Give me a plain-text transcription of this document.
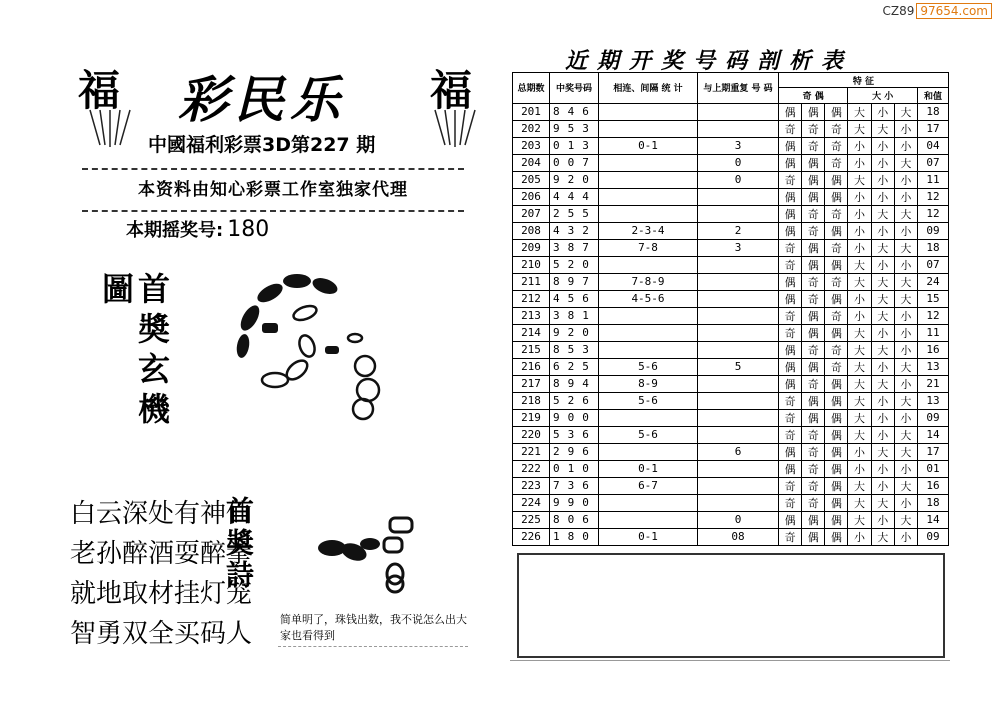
CZ89 97654.com
福	福
彩民乐
中國福利彩票3D第227 期
本资料由知心彩票工作室独家代理
本期摇奖号: 180
首奬玄機圖
白云深处有神仙
老孙醉酒耍醉拳
就地取材挂灯笼
智勇双全买码人
首奬詩
简单明了，珠钱出数，我不说怎么出大家也看得到
近期开奖号码剖析表
总期数	中奖号码	相连、间隔 统 计	与上期重复 号 码	特 征						
				奇 偶			大 小			和值

201	846			偶	偶	偶	大	小	大	18
202	953			奇	奇	奇	大	大	小	17
203	013	0-1	3	偶	奇	奇	小	小	小	04
204	007		0	偶	偶	奇	小	小	大	07
205	920		0	奇	偶	偶	大	小	小	11
206	444			偶	偶	偶	小	小	小	12
207	255			偶	奇	奇	小	大	大	12
208	432	2-3-4	2	偶	奇	偶	小	小	小	09
209	387	7-8	3	奇	偶	奇	小	大	大	18
210	520			奇	偶	偶	大	小	小	07
211	897	7-8-9		偶	奇	奇	大	大	大	24
212	456	4-5-6		偶	奇	偶	小	大	大	15
213	381			奇	偶	奇	小	大	小	12
214	920			奇	偶	偶	大	小	小	11
215	853			偶	奇	奇	大	大	小	16
216	625	5-6	5	偶	偶	奇	大	小	大	13
217	894	8-9		偶	奇	偶	大	大	小	21
218	526	5-6		奇	偶	偶	大	小	大	13
219	900			奇	偶	偶	大	小	小	09
220	536	5-6		奇	奇	偶	大	小	大	14
221	296		6	偶	奇	偶	小	大	大	17
222	010	0-1		偶	奇	偶	小	小	小	01
223	736	6-7		奇	奇	偶	大	小	大	16
224	990			奇	奇	偶	大	大	小	18
225	806		0	偶	偶	偶	大	小	大	14
226	180	0-1	08	奇	偶	偶	小	大	小	09
